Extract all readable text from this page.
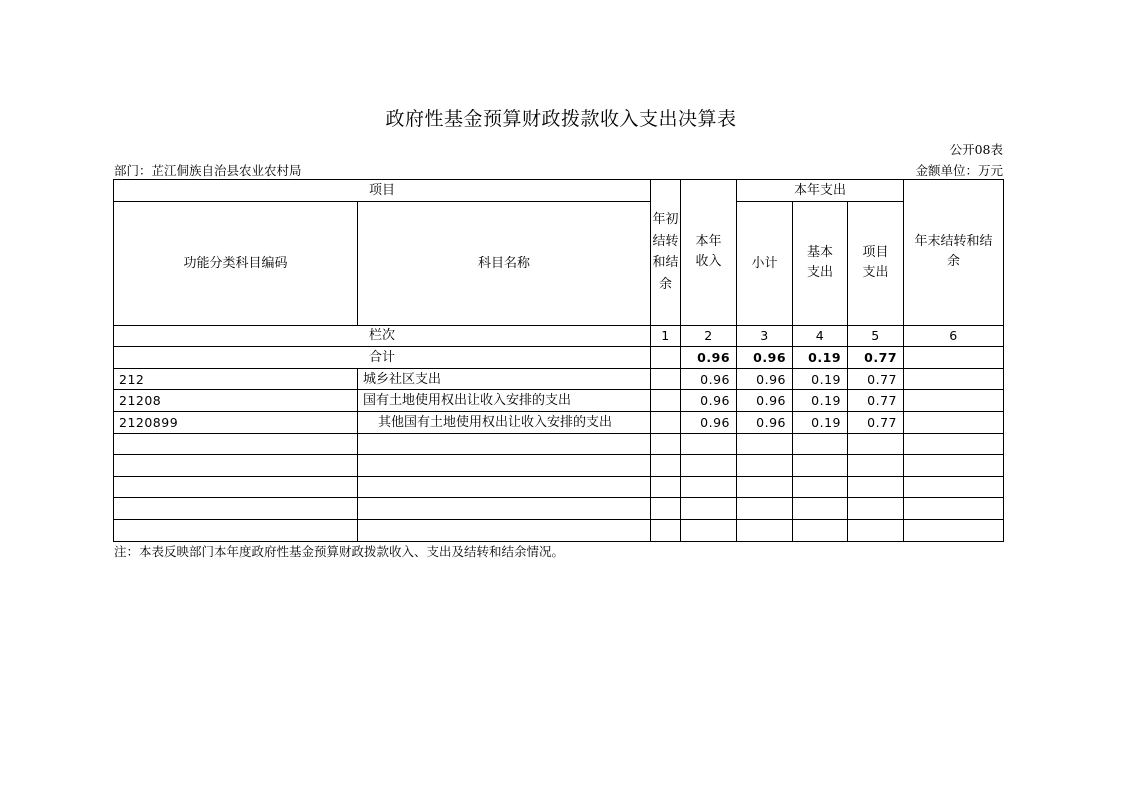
政府性基金预算财政拨款收入支出决算表
公开08表
部门：芷江侗族自治县农业农村局	金额单位：万元
项目		年初结转和结余	本年收入	本年支出			年末结转和结余
功能分类科目编码	科目名称			小计	基本支出	项目支出	
栏次		1	2	3	4	5	6
合计			0.96	0.96	0.19	0.77	
212	城乡社区支出		0.96	0.96	0.19	0.77	
21208	国有土地使用权出让收入安排的支出		0.96	0.96	0.19	0.77	
2120899	其他国有土地使用权出让收入安排的支出		0.96	0.96	0.19	0.77	

注：本表反映部门本年度政府性基金预算财政拨款收入、支出及结转和结余情况。
